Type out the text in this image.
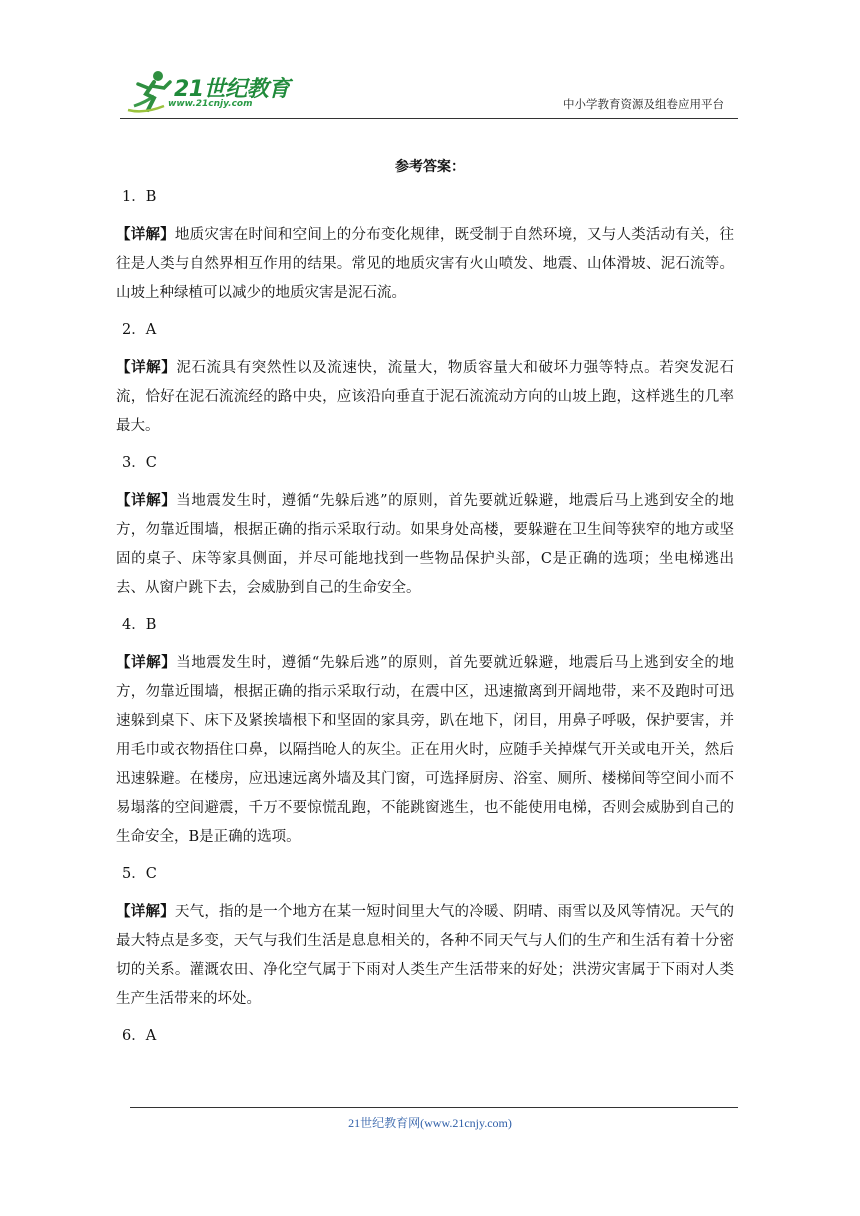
21世纪教育
www.21cnjy.com	中小学教育资源及组卷应用平台
参考答案：

1．B

【详解】地质灾害在时间和空间上的分布变化规律，既受制于自然环境，又与人类活动有关，往往是人类与自然界相互作用的结果。常见的地质灾害有火山喷发、地震、山体滑坡、泥石流等。山坡上种绿植可以减少的地质灾害是泥石流。

2．A

【详解】泥石流具有突然性以及流速快，流量大，物质容量大和破坏力强等特点。若突发泥石流，恰好在泥石流流经的路中央，应该沿向垂直于泥石流流动方向的山坡上跑，这样逃生的几率最大。

3．C

【详解】当地震发生时，遵循“先躲后逃”的原则，首先要就近躲避，地震后马上逃到安全的地方，勿靠近围墙，根据正确的指示采取行动。如果身处高楼，要躲避在卫生间等狭窄的地方或坚固的桌子、床等家具侧面，并尽可能地找到一些物品保护头部，C是正确的选项；坐电梯逃出去、从窗户跳下去，会威胁到自己的生命安全。

4．B

【详解】当地震发生时，遵循“先躲后逃”的原则，首先要就近躲避，地震后马上逃到安全的地方，勿靠近围墙，根据正确的指示采取行动，在震中区，迅速撤离到开阔地带，来不及跑时可迅速躲到桌下、床下及紧挨墙根下和坚固的家具旁，趴在地下，闭目，用鼻子呼吸，保护要害，并用毛巾或衣物捂住口鼻，以隔挡呛人的灰尘。正在用火时，应随手关掉煤气开关或电开关，然后迅速躲避。在楼房，应迅速远离外墙及其门窗，可选择厨房、浴室、厕所、楼梯间等空间小而不易塌落的空间避震，千万不要惊慌乱跑，不能跳窗逃生，也不能使用电梯，否则会威胁到自己的生命安全，B是正确的选项。

5．C

【详解】天气，指的是一个地方在某一短时间里大气的冷暖、阴晴、雨雪以及风等情况。天气的最大特点是多变，天气与我们生活是息息相关的，各种不同天气与人们的生产和生活有着十分密切的关系。灌溉农田、净化空气属于下雨对人类生产生活带来的好处；洪涝灾害属于下雨对人类生产生活带来的坏处。

6．A

21世纪教育网(www.21cnjy.com)
